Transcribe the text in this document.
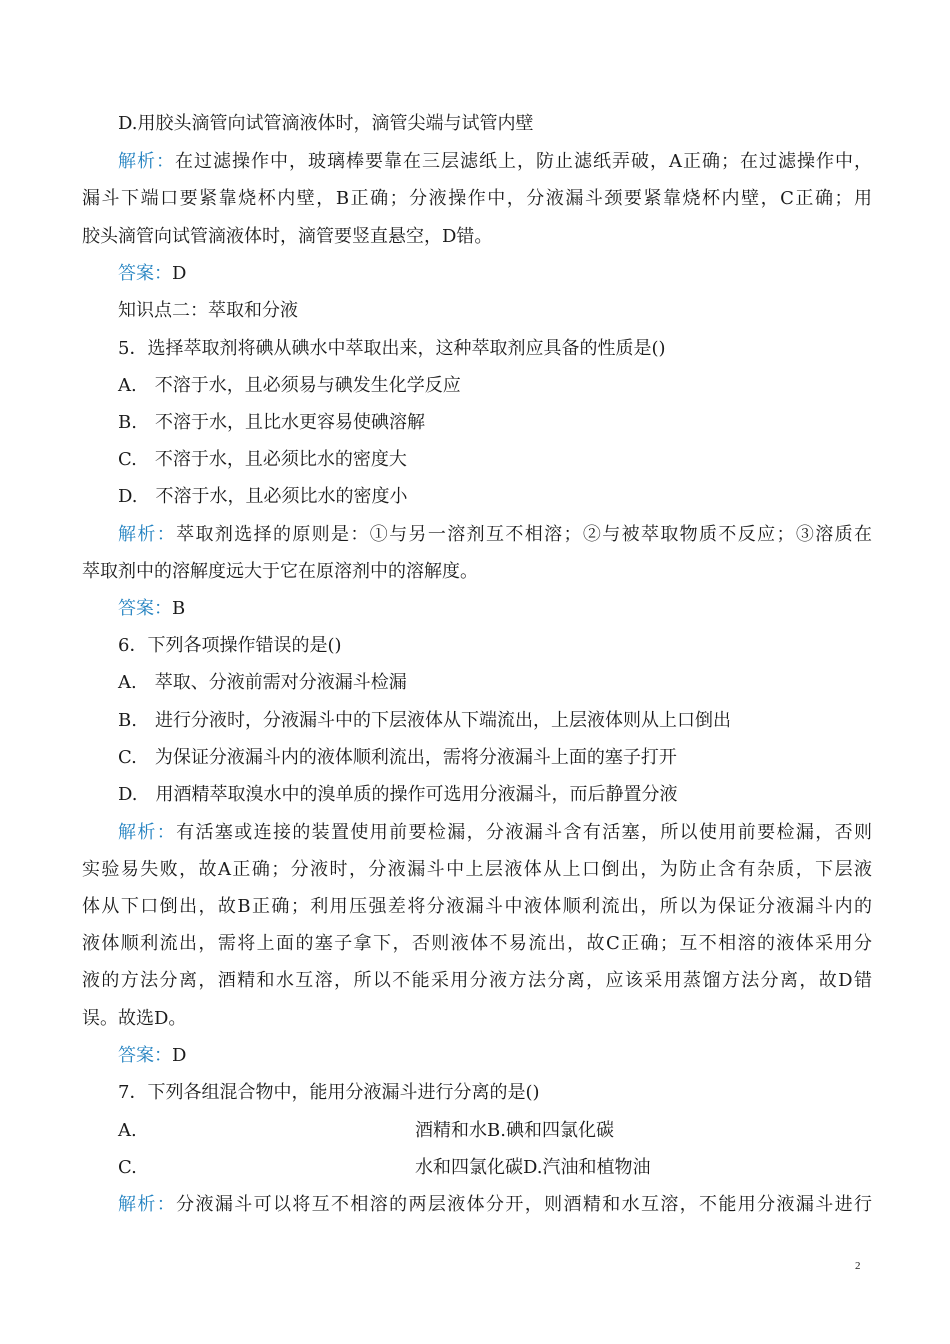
D.用胶头滴管向试管滴液体时，滴管尖端与试管内壁
解析：在过滤操作中，玻璃棒要靠在三层滤纸上，防止滤纸弄破，A正确；在过滤操作中，
漏斗下端口要紧靠烧杯内壁，B正确；分液操作中，分液漏斗颈要紧靠烧杯内壁，C正确；用
胶头滴管向试管滴液体时，滴管要竖直悬空，D错。
答案：D
知识点二：萃取和分液
5．选择萃取剂将碘从碘水中萃取出来，这种萃取剂应具备的性质是()
A.　不溶于水，且必须易与碘发生化学反应
B.　不溶于水，且比水更容易使碘溶解
C.　不溶于水，且必须比水的密度大
D.　不溶于水，且必须比水的密度小
解析：萃取剂选择的原则是：①与另一溶剂互不相溶；②与被萃取物质不反应；③溶质在
萃取剂中的溶解度远大于它在原溶剂中的溶解度。
答案：B
6．下列各项操作错误的是()
A.　萃取、分液前需对分液漏斗检漏
B.　进行分液时，分液漏斗中的下层液体从下端流出，上层液体则从上口倒出
C.　为保证分液漏斗内的液体顺利流出，需将分液漏斗上面的塞子打开
D.　用酒精萃取溴水中的溴单质的操作可选用分液漏斗，而后静置分液
解析：有活塞或连接的装置使用前要检漏，分液漏斗含有活塞，所以使用前要检漏，否则
实验易失败，故A正确；分液时，分液漏斗中上层液体从上口倒出，为防止含有杂质，下层液
体从下口倒出，故B正确；利用压强差将分液漏斗中液体顺利流出，所以为保证分液漏斗内的
液体顺利流出，需将上面的塞子拿下，否则液体不易流出，故C正确；互不相溶的液体采用分
液的方法分离，酒精和水互溶，所以不能采用分液方法分离，应该采用蒸馏方法分离，故D错
误。故选D。
答案：D
7．下列各组混合物中，能用分液漏斗进行分离的是()
A.	酒精和水B.碘和四氯化碳
C.	水和四氯化碳D.汽油和植物油
解析：分液漏斗可以将互不相溶的两层液体分开，则酒精和水互溶，不能用分液漏斗进行
2
